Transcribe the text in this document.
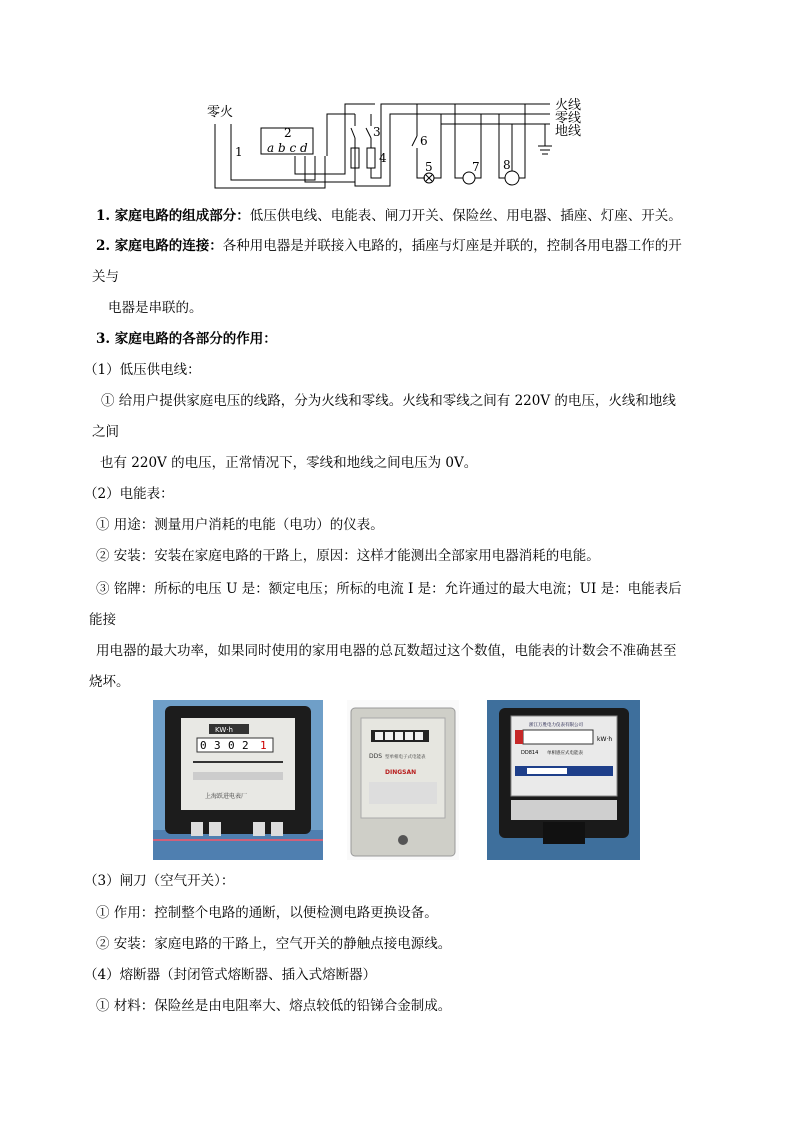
零火
1
2
a b c d
3
4
6
5	7 8
火线
零线
地线
1. 家庭电路的组成部分：低压供电线、电能表、闸刀开关、保险丝、用电器、插座、灯座、开关。
2. 家庭电路的连接：各种用电器是并联接入电路的，插座与灯座是并联的，控制各用电器工作的开
关与
电器是串联的。
3. 家庭电路的各部分的作用：
（1）低压供电线：
① 给用户提供家庭电压的线路，分为火线和零线。火线和零线之间有 220V 的电压，火线和地线
之间
也有 220V 的电压，正常情况下，零线和地线之间电压为 0V。
（2）电能表：
① 用途：测量用户消耗的电能（电功）的仪表。
② 安装：安装在家庭电路的干路上，原因：这样才能测出全部家用电器消耗的电能。
③ 铭牌：所标的电压 U 是：额定电压；所标的电流 I 是：允许通过的最大电流；UI 是：电能表后
能接
用电器的最大功率，如果同时使用的家用电器的总瓦数超过这个数值，电能表的计数会不准确甚至
烧坏。
0 3 0 2 1
KW·h
上海跃进电表厂
DDS 型单相电子式电能表
DINGSAN
浙江万胜电力仪表有限公司
kW·h
DD814 单相感应式电能表
（3）闸刀（空气开关）：
① 作用：控制整个电路的通断，以便检测电路更换设备。
② 安装：家庭电路的干路上，空气开关的静触点接电源线。
（4）熔断器（封闭管式熔断器、插入式熔断器）
① 材料：保险丝是由电阻率大、熔点较低的铅锑合金制成。
